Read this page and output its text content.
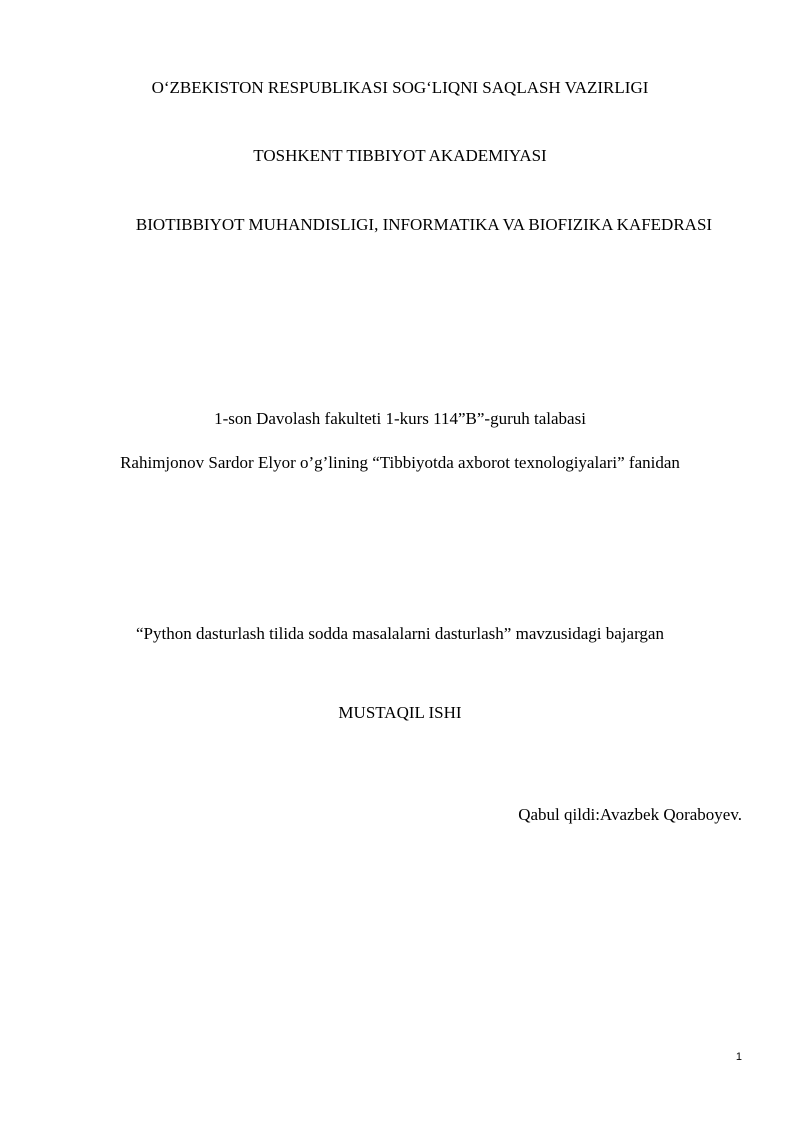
O‘ZBEKISTON RESPUBLIKASI SOG‘LIQNI SAQLASH VAZIRLIGI
TOSHKENT TIBBIYOT AKADEMIYASI
BIOTIBBIYOT MUHANDISLIGI, INFORMATIKA VA BIOFIZIKA KAFEDRASI
1-son Davolash fakulteti 1-kurs 114”B”-guruh talabasi
Rahimjonov Sardor Elyor o’g’lining “Tibbiyotda axborot texnologiyalari” fanidan
“Python dasturlash tilida sodda masalalarni dasturlash” mavzusidagi bajargan
MUSTAQIL ISHI
Qabul qildi:Avazbek Qoraboyev.
1
